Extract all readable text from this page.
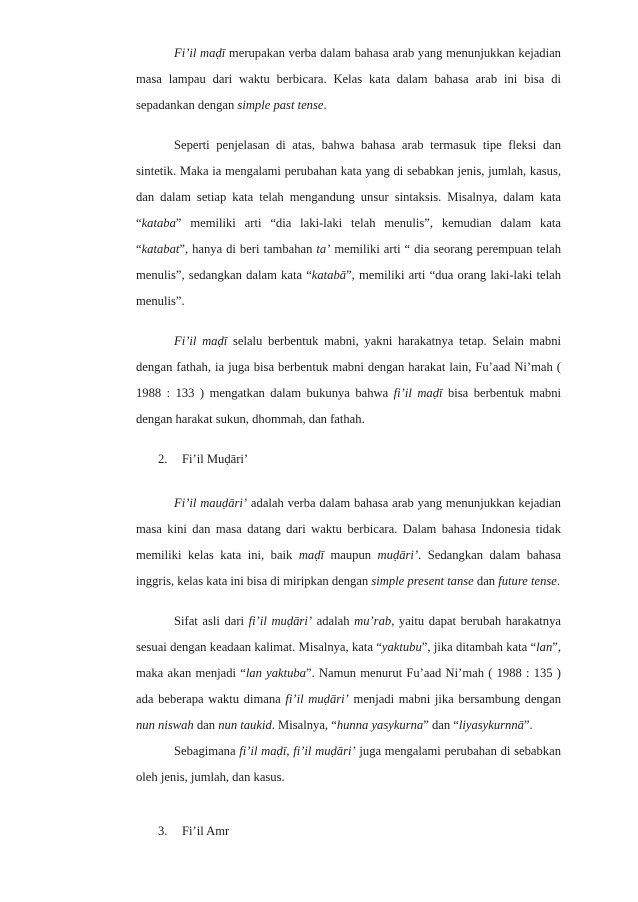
Fi’il maḍī merupakan verba dalam bahasa arab yang menunjukkan kejadian masa lampau dari waktu berbicara. Kelas kata dalam bahasa arab ini bisa di sepadankan dengan simple past tense.

Seperti penjelasan di atas, bahwa bahasa arab termasuk tipe fleksi dan sintetik. Maka ia mengalami perubahan kata yang di sebabkan jenis, jumlah, kasus, dan dalam setiap kata telah mengandung unsur sintaksis. Misalnya, dalam kata “kataba” memiliki arti “dia laki-laki telah menulis”, kemudian dalam kata “katabat”, hanya di beri tambahan ta’ memiliki arti “ dia seorang perempuan telah menulis”, sedangkan dalam kata “katabā”, memiliki arti “dua orang laki-laki telah menulis”.

Fi’il maḍī selalu berbentuk mabni, yakni harakatnya tetap. Selain mabni dengan fathah, ia juga bisa berbentuk mabni dengan harakat lain, Fu’aad Ni’mah ( 1988 : 133 ) mengatkan dalam bukunya bahwa fi’il maḍī bisa berbentuk mabni dengan harakat sukun, dhommah, dan fathah.

2. Fi’il Muḍāri’

Fi’il mauḍāri’ adalah verba dalam bahasa arab yang menunjukkan kejadian masa kini dan masa datang dari waktu berbicara. Dalam bahasa Indonesia tidak memiliki kelas kata ini, baik maḍī maupun muḍāri’. Sedangkan dalam bahasa inggris, kelas kata ini bisa di miripkan dengan simple present tanse dan future tense.

Sifat asli dari fi’il muḍāri’ adalah mu’rab, yaitu dapat berubah harakatnya sesuai dengan keadaan kalimat. Misalnya, kata “yaktubu”, jika ditambah kata “lan”, maka akan menjadi “lan yaktuba”. Namun menurut Fu’aad Ni’mah ( 1988 : 135 ) ada beberapa waktu dimana fi’il muḍāri’ menjadi mabni jika bersambung dengan nun niswah dan nun taukid. Misalnya, “hunna yasykurna” dan “liyasykurnnā”.

Sebagimana fi’il maḍī, fi’il muḍāri’ juga mengalami perubahan di sebabkan oleh jenis, jumlah, dan kasus.

3. Fi’il Amr
